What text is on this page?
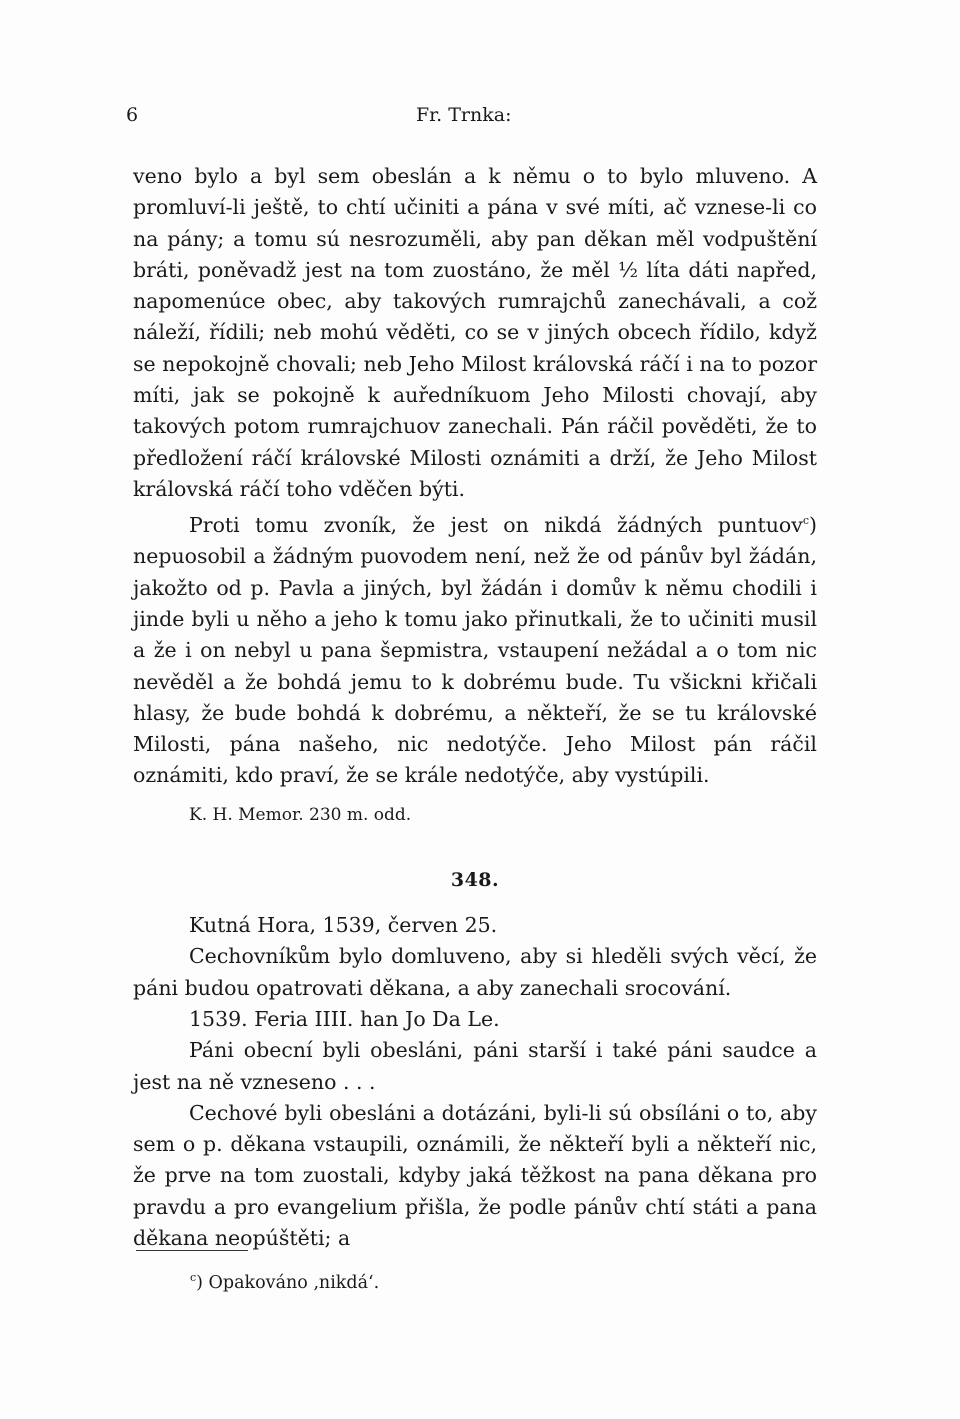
6	Fr. Trnka:

veno bylo a byl sem obeslán a k němu o to bylo mluveno. A promluví-li ještě, to chtí učiniti a pána v své míti, ač vznese-li co na pány; a tomu sú nesrozuměli, aby pan děkan měl vodpuštění bráti, poněvadž jest na tom zuostáno, že měl ½ líta dáti napřed, napomenúce obec, aby takových rumrajchů zanechávali, a což náleží, řídili; neb mohú věděti, co se v jiných obcech řídilo, když se nepokojně chovali; neb Jeho Milost královská ráčí i na to pozor míti, jak se pokojně k auředníkuom Jeho Milosti chovají, aby takových potom rumrajchuov zanechali. Pán ráčil pověděti, že to předložení ráčí královské Milosti oznámiti a drží, že Jeho Milost královská ráčí toho vděčen býti.

Proti tomu zvoník, že jest on nikdá žádných puntuov$^c$) nepuosobil a žádným puovodem není, než že od pánův byl žádán, jakožto od p. Pavla a jiných, byl žádán i domův k němu chodili i jinde byli u něho a jeho k tomu jako přinutkali, že to učiniti musil a že i on nebyl u pana šepmistra, vstaupení nežádal a o tom nic nevěděl a že bohdá jemu to k dobrému bude. Tu všickni křičali hlasy, že bude bohdá k dobrému, a někteří, že se tu královské Milosti, pána našeho, nic nedotýče. Jeho Milost pán ráčil oznámiti, kdo praví, že se krále nedotýče, aby vystúpili.

K. H. Memor. 230 m. odd.

348.

Kutná Hora, 1539, červen 25.

Cechovníkům bylo domluveno, aby si hleděli svých věcí, že páni budou opatrovati děkana, a aby zanechali srocování.

1539. Feria IIII. han Jo Da Le.

Páni obecní byli obesláni, páni starší i také páni saudce a jest na ně vzneseno . . .

Cechové byli obesláni a dotázáni, byli-li sú obsíláni o to, aby sem o p. děkana vstaupili, oznámili, že někteří byli a někteří nic, že prve na tom zuostali, kdyby jaká těžkost na pana děkana pro pravdu a pro evangelium přišla, že podle pánův chtí státi a pana děkana neopúštěti; a

$^c$) Opakováno ‚nikdá‘.
